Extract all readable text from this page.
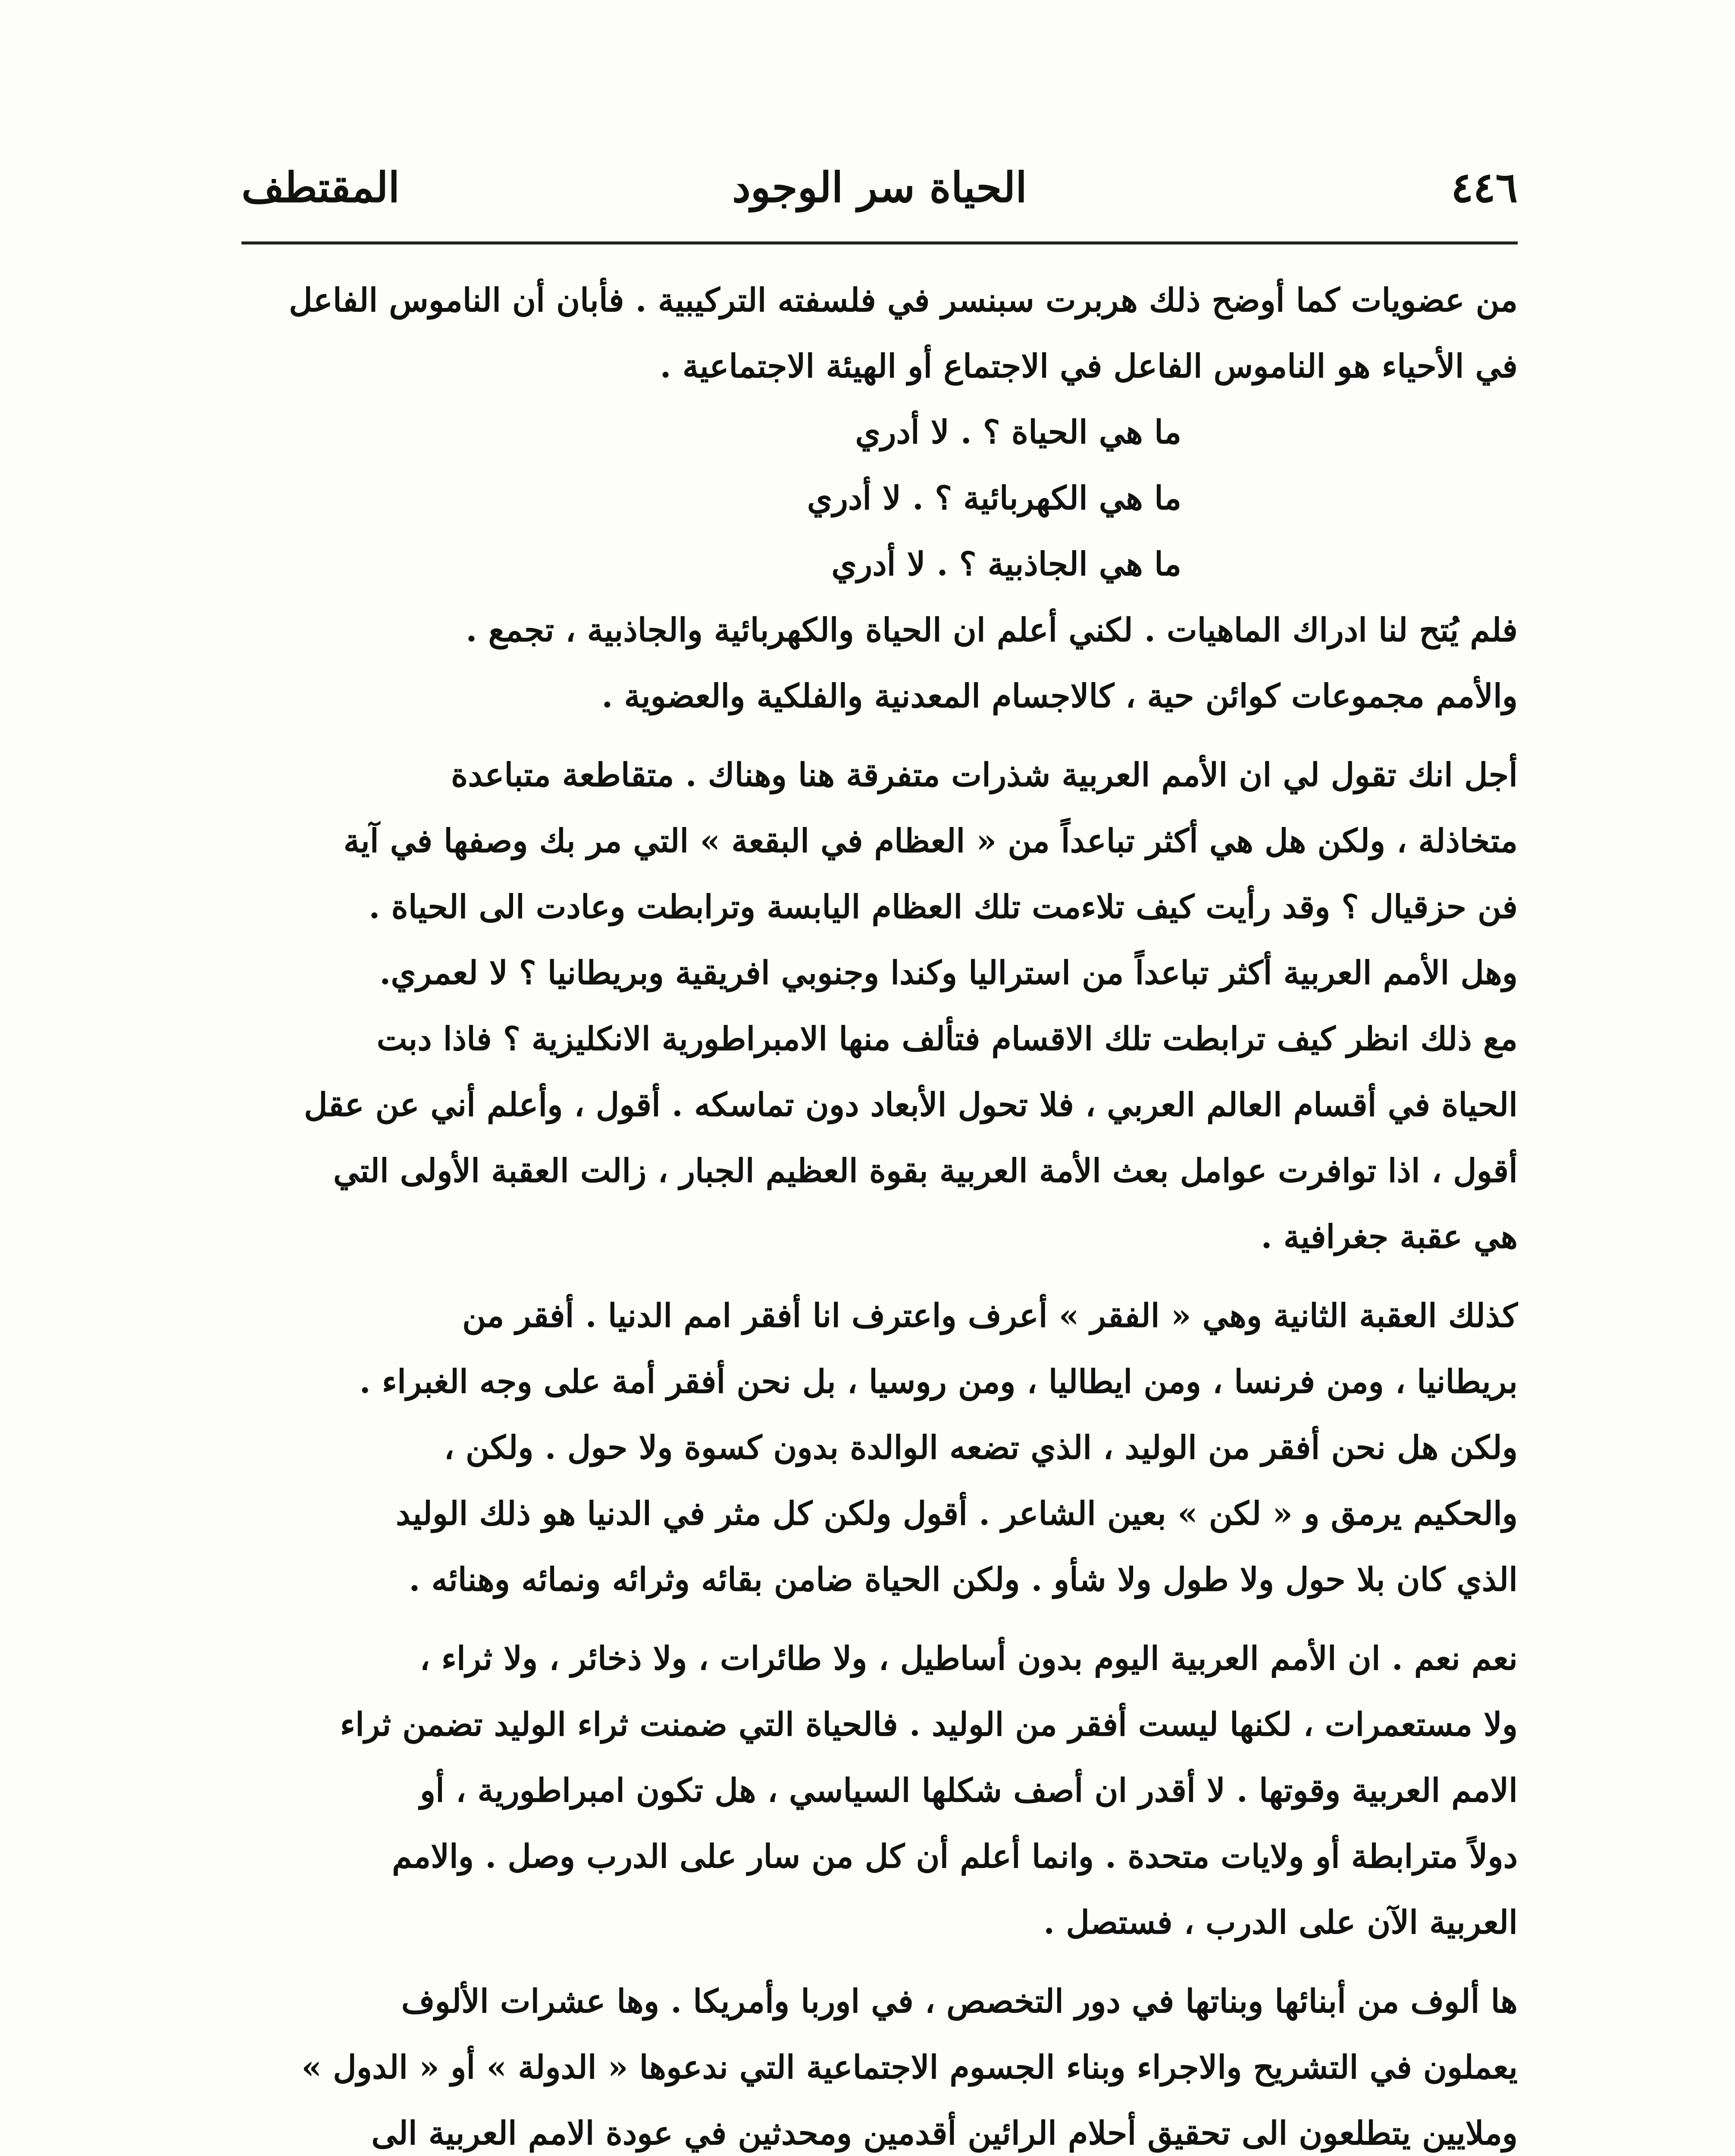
٤٤٦
الحياة سر الوجود
المقتطف

من عضويات كما أوضح ذلك هربرت سبنسر في فلسفته التركيبية . فأبان أن الناموس الفاعل

في الأحياء هو الناموس الفاعل في الاجتماع أو الهيئة الاجتماعية .

ما هي الحياة ؟ . لا أدري

ما هي الكهربائية ؟ . لا أدري

ما هي الجاذبية ؟ . لا أدري

فلم يُتح لنا ادراك الماهيات . لكني أعلم ان الحياة والكهربائية والجاذبية ، تجمع .

والأمم مجموعات كوائن حية ، كالاجسام المعدنية والفلكية والعضوية .

أجل انك تقول لي ان الأمم العربية شذرات متفرقة هنا وهناك . متقاطعة متباعدة

متخاذلة ، ولكن هل هي أكثر تباعداً من « العظام في البقعة » التي مر بك وصفها في آية

فن حزقيال ؟ وقد رأيت كيف تلاءمت تلك العظام اليابسة وترابطت وعادت الى الحياة .

وهل الأمم العربية أكثر تباعداً من استراليا وكندا وجنوبي افريقية وبريطانيا ؟ لا لعمري.

مع ذلك انظر كيف ترابطت تلك الاقسام فتألف منها الامبراطورية الانكليزية ؟ فاذا دبت

الحياة في أقسام العالم العربي ، فلا تحول الأبعاد دون تماسكه . أقول ، وأعلم أني عن عقل

أقول ، اذا توافرت عوامل بعث الأمة العربية بقوة العظيم الجبار ، زالت العقبة الأولى التي

هي عقبة جغرافية .

كذلك العقبة الثانية وهي « الفقر » أعرف واعترف انا أفقر امم الدنيا . أفقر من

بريطانيا ، ومن فرنسا ، ومن ايطاليا ، ومن روسيا ، بل نحن أفقر أمة على وجه الغبراء .

ولكن هل نحن أفقر من الوليد ، الذي تضعه الوالدة بدون كسوة ولا حول . ولكن ،

والحكيم يرمق و « لكن » بعين الشاعر . أقول ولكن كل مثر في الدنيا هو ذلك الوليد

الذي كان بلا حول ولا طول ولا شأو . ولكن الحياة ضامن بقائه وثرائه ونمائه وهنائه .

نعم نعم . ان الأمم العربية اليوم بدون أساطيل ، ولا طائرات ، ولا ذخائر ، ولا ثراء ،

ولا مستعمرات ، لكنها ليست أفقر من الوليد . فالحياة التي ضمنت ثراء الوليد تضمن ثراء

الامم العربية وقوتها . لا أقدر ان أصف شكلها السياسي ، هل تكون امبراطورية ، أو

دولاً مترابطة أو ولايات متحدة . وانما أعلم أن كل من سار على الدرب وصل . والامم

العربية الآن على الدرب ، فستصل .

ها ألوف من أبنائها وبناتها في دور التخصص ، في اوربا وأمريكا . وها عشرات الألوف

يعملون في التشريح والاجراء وبناء الجسوم الاجتماعية التي ندعوها « الدولة » أو « الدول »

وملايين يتطلعون الى تحقيق أحلام الرائين أقدمين ومحدثين في عودة الامم العربية الى
